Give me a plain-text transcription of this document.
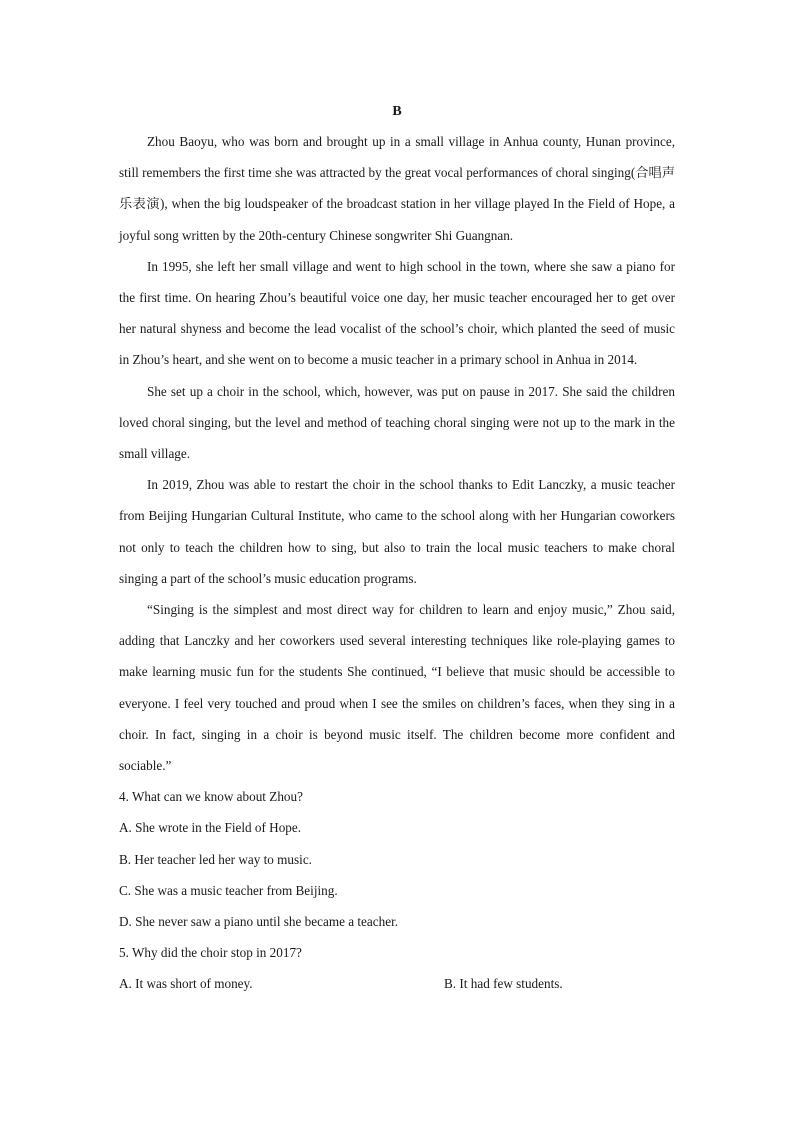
B

Zhou Baoyu, who was born and brought up in a small village in Anhua county, Hunan province, still remembers the first time she was attracted by the great vocal performances of choral singing(合唱声乐表演), when the big loudspeaker of the broadcast station in her village played In the Field of Hope, a joyful song written by the 20th-century Chinese songwriter Shi Guangnan.

In 1995, she left her small village and went to high school in the town, where she saw a piano for the first time. On hearing Zhou’s beautiful voice one day, her music teacher encouraged her to get over her natural shyness and become the lead vocalist of the school’s choir, which planted the seed of music in Zhou’s heart, and she went on to become a music teacher in a primary school in Anhua in 2014.

She set up a choir in the school, which, however, was put on pause in 2017. She said the children loved choral singing, but the level and method of teaching choral singing were not up to the mark in the small village.

In 2019, Zhou was able to restart the choir in the school thanks to Edit Lanczky, a music teacher from Beijing Hungarian Cultural Institute, who came to the school along with her Hungarian coworkers not only to teach the children how to sing, but also to train the local music teachers to make choral singing a part of the school’s music education programs.

“Singing is the simplest and most direct way for children to learn and enjoy music,” Zhou said, adding that Lanczky and her coworkers used several interesting techniques like role-playing games to make learning music fun for the students She continued, “I believe that music should be accessible to everyone. I feel very touched and proud when I see the smiles on children’s faces, when they sing in a choir. In fact, singing in a choir is beyond music itself. The children become more confident and sociable.”

4. What can we know about Zhou?

A. She wrote in the Field of Hope.

B. Her teacher led her way to music.

C. She was a music teacher from Beijing.

D. She never saw a piano until she became a teacher.

5. Why did the choir stop in 2017?

A. It was short of money.	B. It had few students.
